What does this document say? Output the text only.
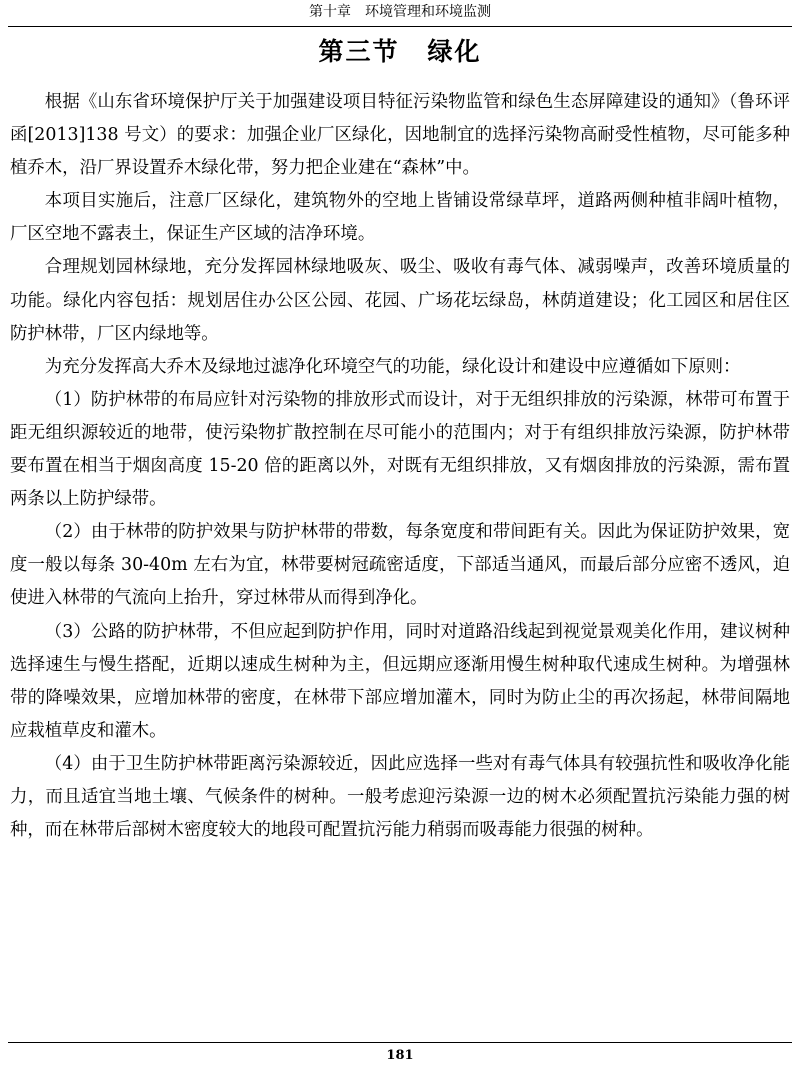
第十章　环境管理和环境监测
第三节 绿化

根据《山东省环境保护厅关于加强建设项目特征污染物监管和绿色生态屏障建设的通知》（鲁环评函[2013]138 号文）的要求：加强企业厂区绿化，因地制宜的选择污染物高耐受性植物，尽可能多种植乔木，沿厂界设置乔木绿化带，努力把企业建在“森林”中。

本项目实施后，注意厂区绿化，建筑物外的空地上皆铺设常绿草坪，道路两侧种植非阔叶植物，厂区空地不露表土，保证生产区域的洁净环境。

合理规划园林绿地，充分发挥园林绿地吸灰、吸尘、吸收有毒气体、减弱噪声，改善环境质量的功能。绿化内容包括：规划居住办公区公园、花园、广场花坛绿岛，林荫道建设；化工园区和居住区防护林带，厂区内绿地等。

为充分发挥高大乔木及绿地过滤净化环境空气的功能，绿化设计和建设中应遵循如下原则：

（1）防护林带的布局应针对污染物的排放形式而设计，对于无组织排放的污染源，林带可布置于距无组织源较近的地带，使污染物扩散控制在尽可能小的范围内；对于有组织排放污染源，防护林带要布置在相当于烟囱高度 15-20 倍的距离以外，对既有无组织排放，又有烟囱排放的污染源，需布置两条以上防护绿带。

（2）由于林带的防护效果与防护林带的带数，每条宽度和带间距有关。因此为保证防护效果，宽度一般以每条 30-40m 左右为宜，林带要树冠疏密适度，下部适当通风，而最后部分应密不透风，迫使进入林带的气流向上抬升，穿过林带从而得到净化。

（3）公路的防护林带，不但应起到防护作用，同时对道路沿线起到视觉景观美化作用，建议树种选择速生与慢生搭配，近期以速成生树种为主，但远期应逐渐用慢生树种取代速成生树种。为增强林带的降噪效果，应增加林带的密度，在林带下部应增加灌木，同时为防止尘的再次扬起，林带间隔地应栽植草皮和灌木。

（4）由于卫生防护林带距离污染源较近，因此应选择一些对有毒气体具有较强抗性和吸收净化能力，而且适宜当地土壤、气候条件的树种。一般考虑迎污染源一边的树木必须配置抗污染能力强的树种，而在林带后部树木密度较大的地段可配置抗污能力稍弱而吸毒能力很强的树种。

181
